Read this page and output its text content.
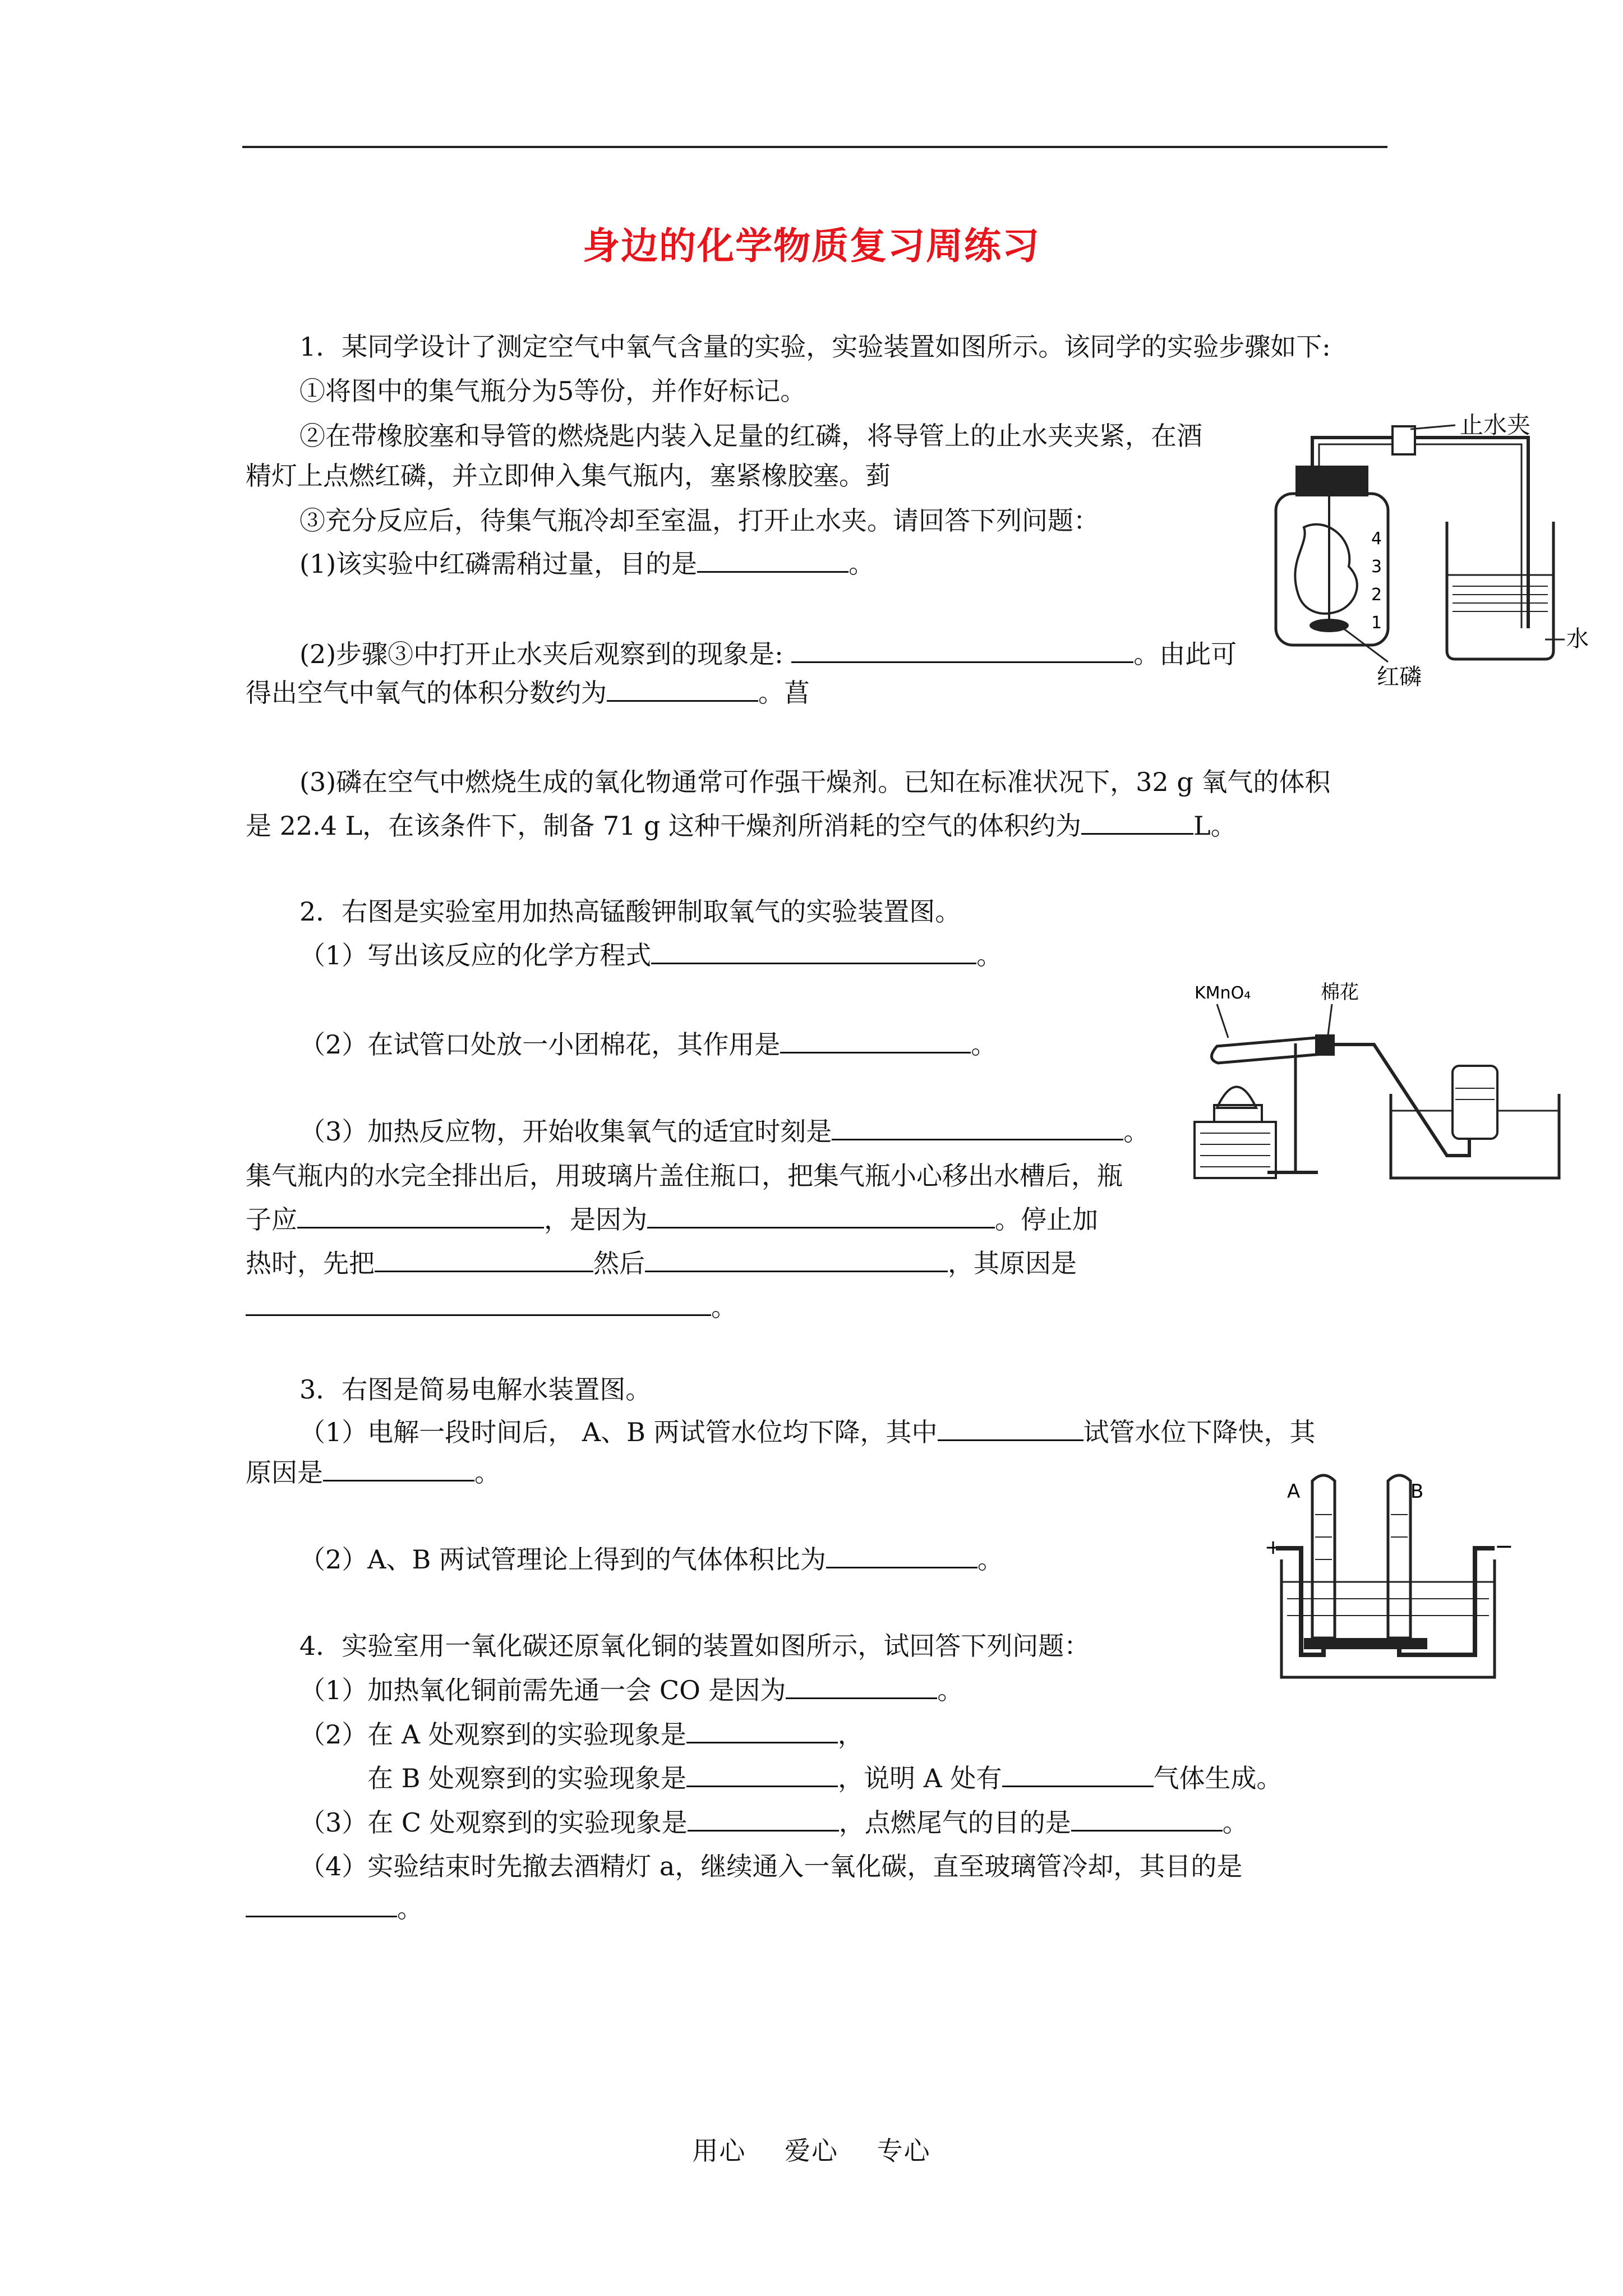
身边的化学物质复习周练习
1．某同学设计了测定空气中氧气含量的实验，实验装置如图所示。该同学的实验步骤如下:
①将图中的集气瓶分为5等份，并作好标记。
②在带橡胶塞和导管的燃烧匙内装入足量的红磷，将导管上的止水夹夹紧，在酒
精灯上点燃红磷，并立即伸入集气瓶内，塞紧橡胶塞。菿
③充分反应后，待集气瓶冷却至室温，打开止水夹。请回答下列问题：
(1)该实验中红磷需稍过量，目的是	。
(2)步骤③中打开止水夹后观察到的现象是:	。由此可
得出空气中氧气的体积分数约为	。菖
(3)磷在空气中燃烧生成的氧化物通常可作强干燥剂。已知在标准状况下，32 g 氧气的体积
是 22.4 L，在该条件下，制备 71 g 这种干燥剂所消耗的空气的体积约为	L。
止水夹
4
3
2
1
红磷
水
2．右图是实验室用加热高锰酸钾制取氧气的实验装置图。
（1）写出该反应的化学方程式	。
（2）在试管口处放一小团棉花，其作用是	。
（3）加热反应物，开始收集氧气的适宜时刻是	。
集气瓶内的水完全排出后，用玻璃片盖住瓶口，把集气瓶小心移出水槽后，瓶
子应	，是因为	。停止加
热时，先把	然后	，其原因是
。
KMnO₄	棉花
3．右图是简易电解水装置图。
（1）电解一段时间后， A、B 两试管水位均下降，其中	试管水位下降快，其
原因是	。
（2）A、B 两试管理论上得到的气体体积比为	。
A	B
+	−
4．实验室用一氧化碳还原氧化铜的装置如图所示，试回答下列问题：
（1）加热氧化铜前需先通一会 CO 是因为	。
（2）在 A 处观察到的实验现象是	，
在 B 处观察到的实验现象是	，说明 A 处有	气体生成。
（3）在 C 处观察到的实验现象是	，点燃尾气的目的是	。
（4）实验结束时先撤去酒精灯 a，继续通入一氧化碳，直至玻璃管冷却，其目的是
。
用心 爱心 专心
